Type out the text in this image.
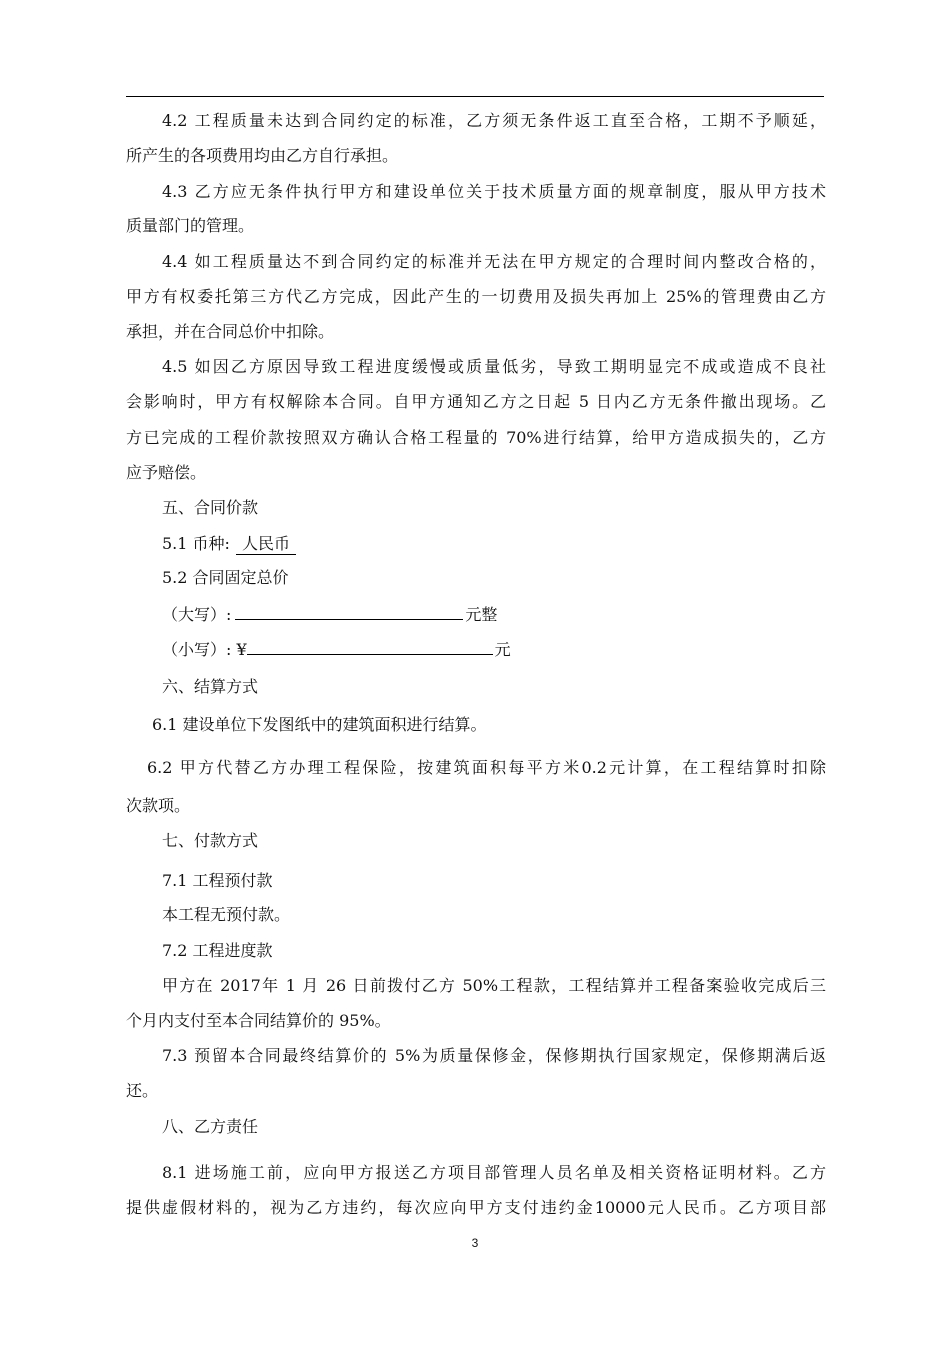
4.2 工程质量未达到合同约定的标准，乙方须无条件返工直至合格，工期不予顺延，
所产生的各项费用均由乙方自行承担。
4.3 乙方应无条件执行甲方和建设单位关于技术质量方面的规章制度，服从甲方技术
质量部门的管理。
4.4 如工程质量达不到合同约定的标准并无法在甲方规定的合理时间内整改合格的，
甲方有权委托第三方代乙方完成，因此产生的一切费用及损失再加上 25%的管理费由乙方
承担，并在合同总价中扣除。
4.5 如因乙方原因导致工程进度缓慢或质量低劣，导致工期明显完不成或造成不良社
会影响时，甲方有权解除本合同。自甲方通知乙方之日起 5 日内乙方无条件撤出现场。乙
方已完成的工程价款按照双方确认合格工程量的 70%进行结算，给甲方造成损失的，乙方
应予赔偿。
五、合同价款
5.1 币种: 人民币
5.2 合同固定总价
（大写）:	元整
（小写）: ¥	元
六、结算方式
6.1 建设单位下发图纸中的建筑面积进行结算。
6.2 甲方代替乙方办理工程保险，按建筑面积每平方米0.2元计算，在工程结算时扣除
次款项。
七、付款方式
7.1 工程预付款
本工程无预付款。
7.2 工程进度款
甲方在 2017年 1 月 26 日前拨付乙方 50%工程款，工程结算并工程备案验收完成后三
个月内支付至本合同结算价的 95%。
7.3 预留本合同最终结算价的 5%为质量保修金，保修期执行国家规定，保修期满后返
还。
八、乙方责任
8.1 进场施工前，应向甲方报送乙方项目部管理人员名单及相关资格证明材料。乙方
提供虚假材料的，视为乙方违约，每次应向甲方支付违约金10000元人民币。乙方项目部
3
